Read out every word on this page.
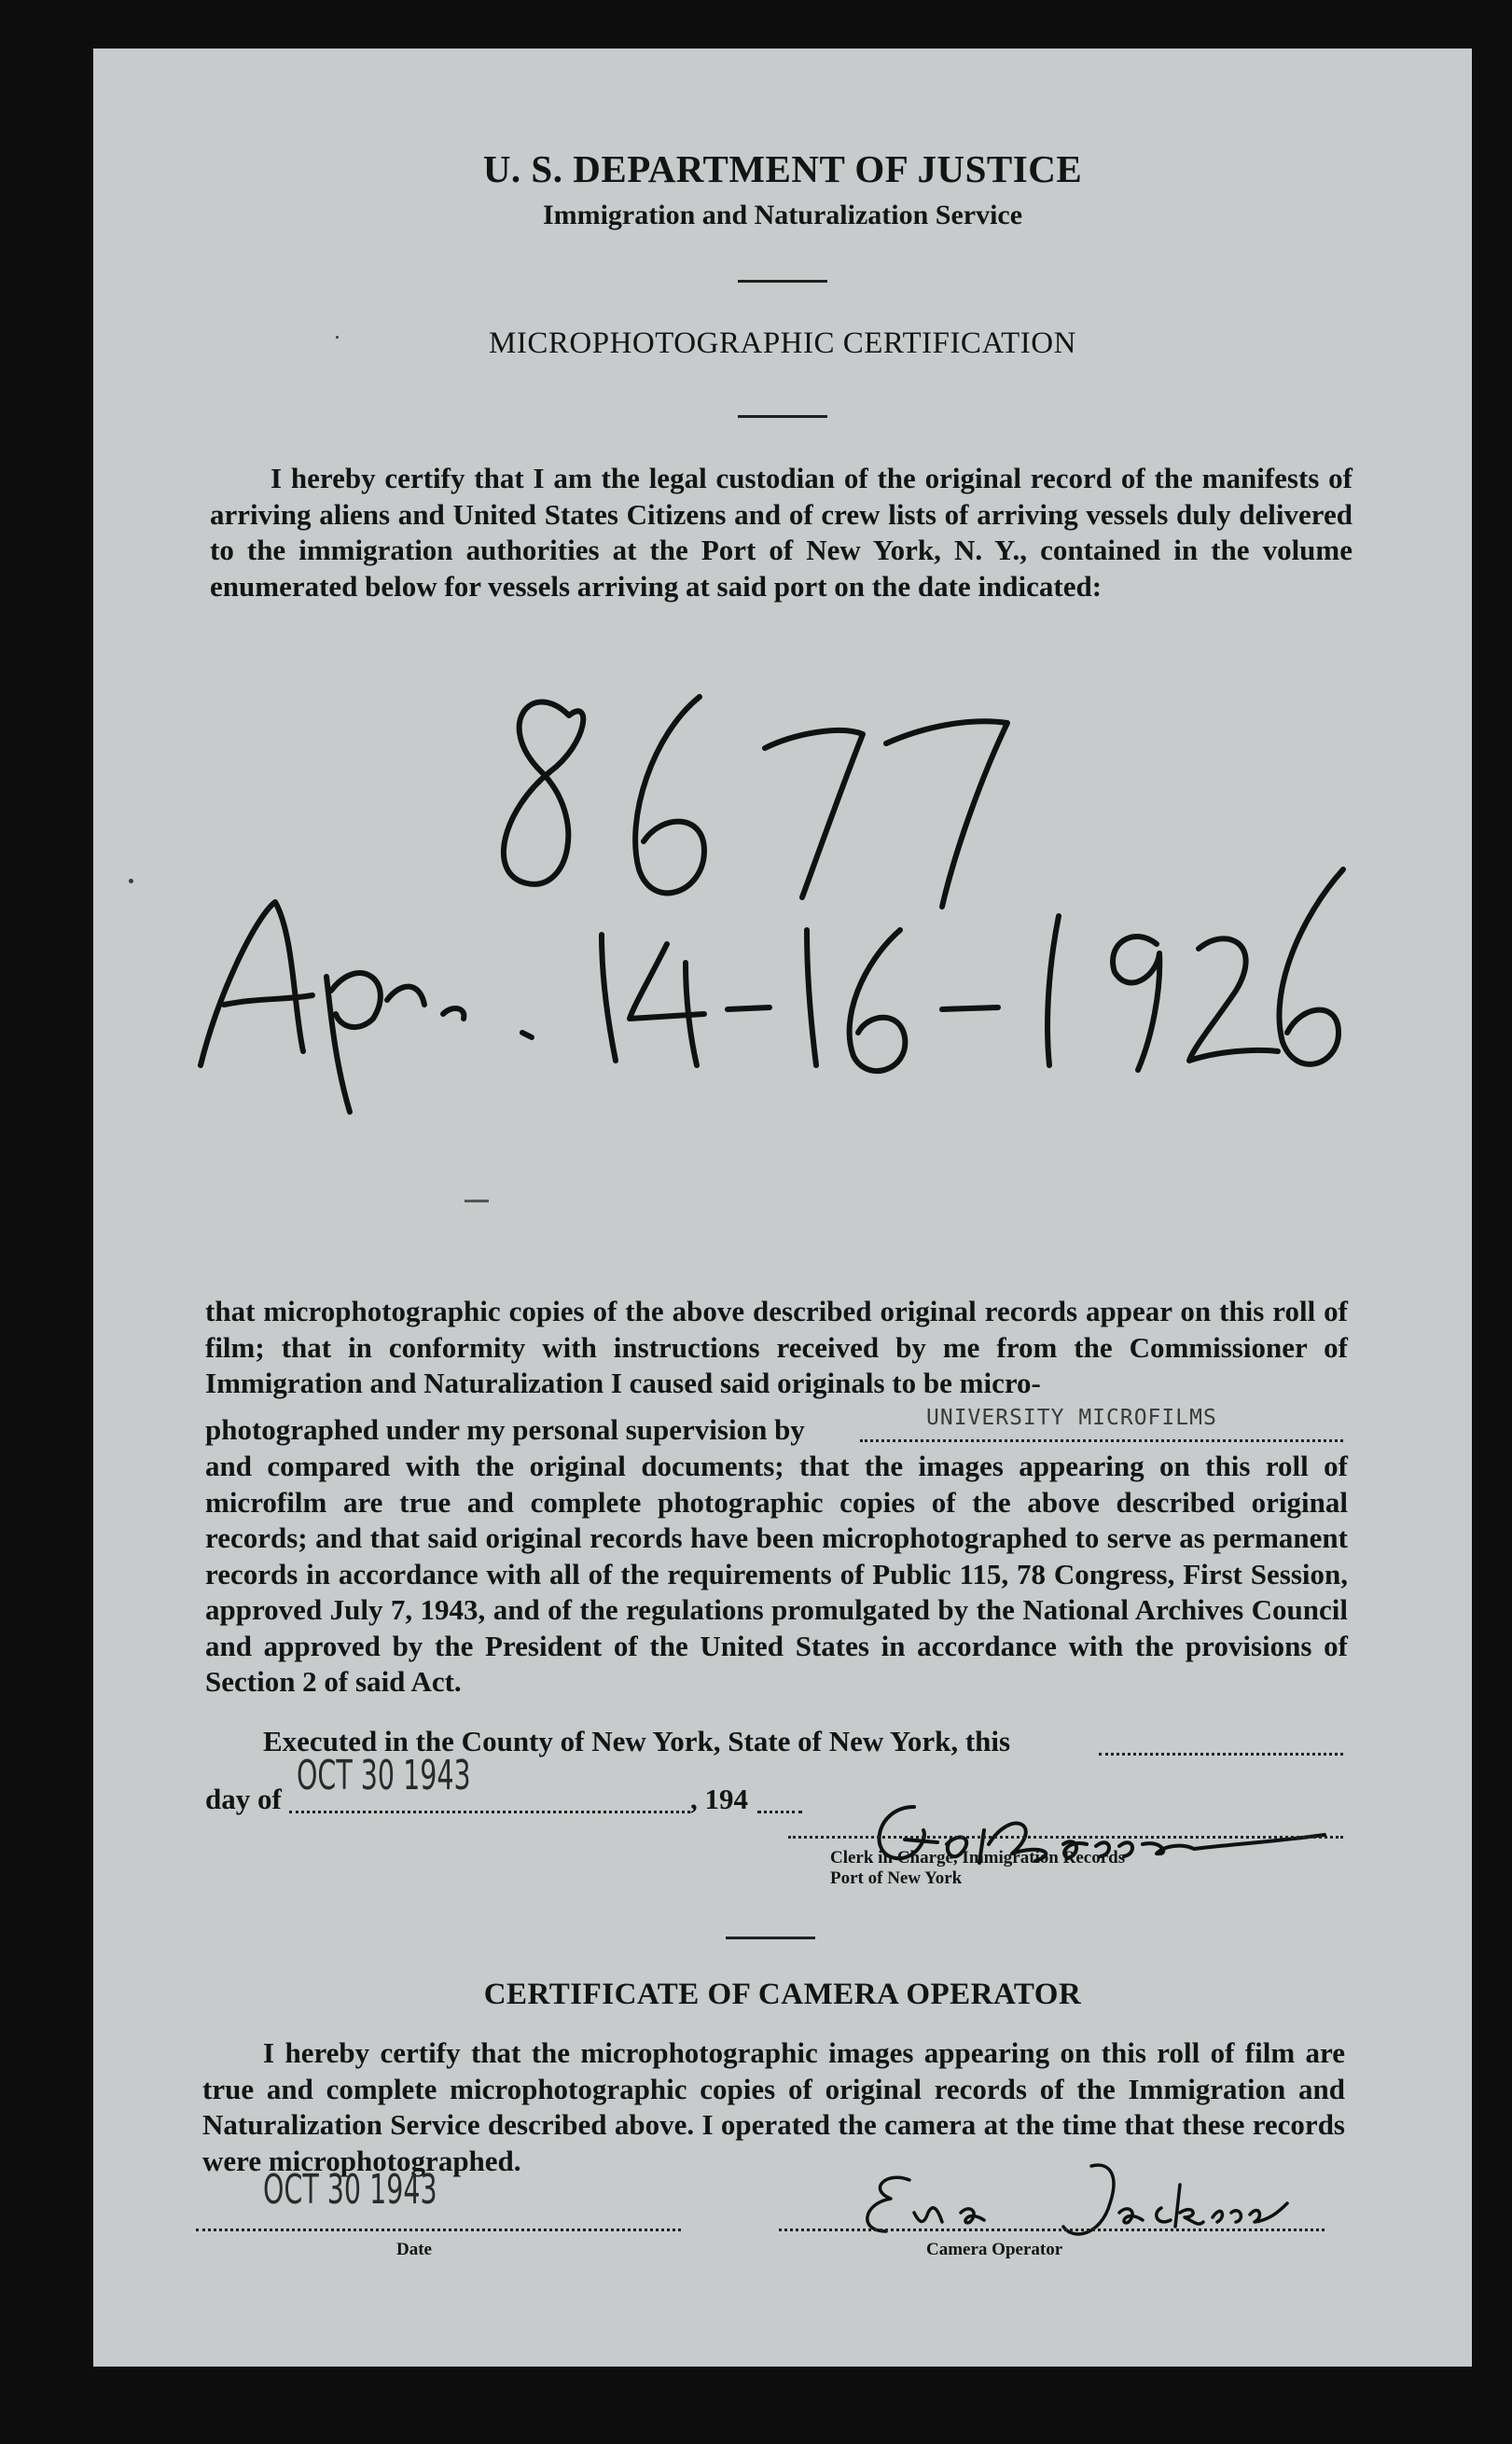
U. S. DEPARTMENT OF JUSTICE
Immigration and Naturalization Service
MICROPHOTOGRAPHIC CERTIFICATION

I hereby certify that I am the legal custodian of the original record of the manifests of arriving aliens and United States Citizens and of crew lists of arriving vessels duly delivered to the immigration authorities at the Port of New York, N. Y., contained in the volume enumerated below for vessels arriving at said port on the date indicated:

that microphotographic copies of the above described original records appear on this roll of film; that in conformity with instructions received by me from the Commissioner of Immigration and Naturalization I caused said originals to be micro-

photographed under my personal supervision by	UNIVERSITY MICROFILMS

and compared with the original documents; that the images appearing on this roll of microfilm are true and complete photographic copies of the above described original records; and that said original records have been microphotographed to serve as permanent records in accordance with all of the requirements of Public 115, 78 Congress, First Session, approved July 7, 1943, and of the regulations promulgated by the National Archives Council and approved by the President of the United States in accordance with the provisions of Section 2 of said Act.

Executed in the County of New York, State of New York, this
day of OCT 30 1943	, 194
Clerk in Charge, Immigration Records
Port of New York
CERTIFICATE OF CAMERA OPERATOR

I hereby certify that the microphotographic images appearing on this roll of film are true and complete microphotographic copies of original records of the Immigration and Naturalization Service described above. I operated the camera at the time that these records were microphotographed.

OCT 30 1943
Date	Camera Operator
